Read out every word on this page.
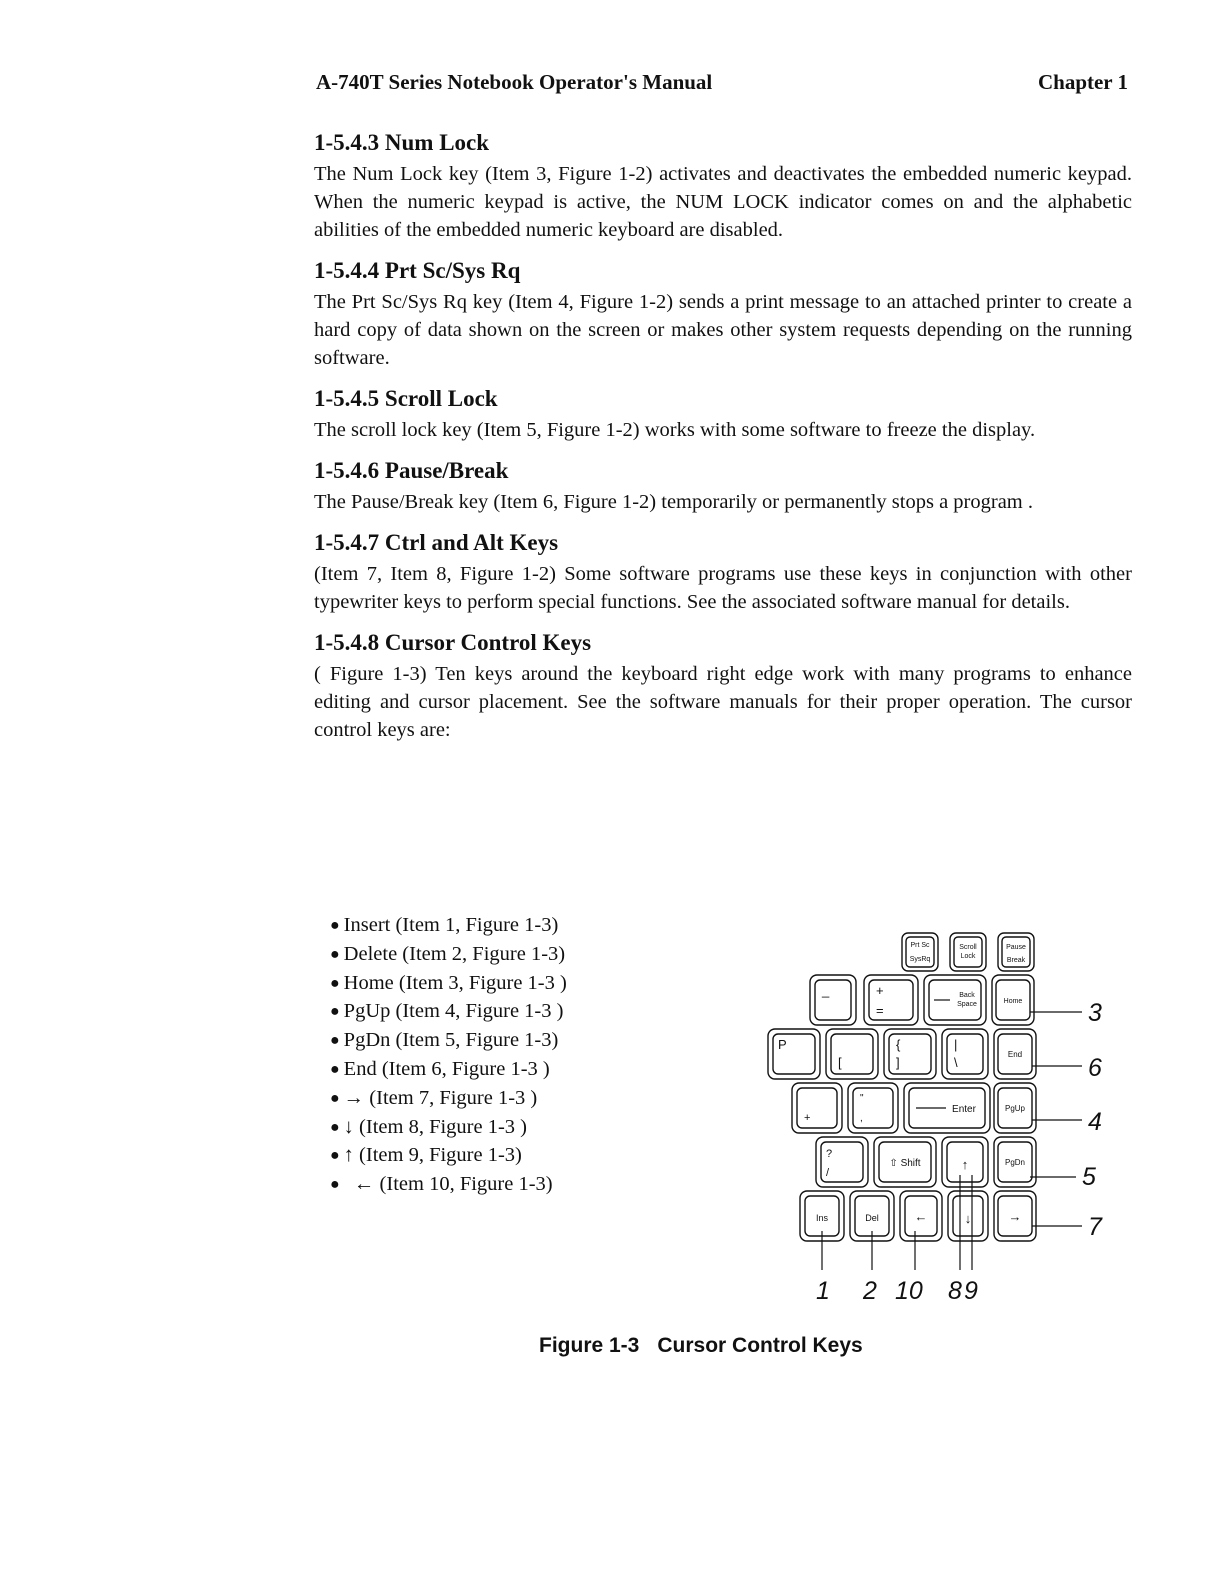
A-740T Series Notebook Operator's Manual	Chapter 1
1-5.4.3 Num Lock

The Num Lock key (Item 3, Figure 1-2) activates and deactivates the embedded numeric keypad. When the numeric keypad is active, the NUM LOCK indicator comes on and the alphabetic abilities of the embedded numeric keyboard are disabled.

1-5.4.4 Prt Sc/Sys Rq

The Prt Sc/Sys Rq key (Item 4, Figure 1-2) sends a print message to an attached printer to create a hard copy of data shown on the screen or makes other system requests depending on the running software.

1-5.4.5 Scroll Lock

The scroll lock key (Item 5, Figure 1-2) works with some software to freeze the display.

1-5.4.6 Pause/Break

The Pause/Break key (Item 6, Figure 1-2) temporarily or permanently stops a program .

1-5.4.7 Ctrl and Alt Keys

(Item 7, Item 8, Figure 1-2) Some software programs use these keys in conjunction with other typewriter keys to perform special functions. See the associated software manual for details.

1-5.4.8 Cursor Control Keys

( Figure 1-3) Ten keys around the keyboard right edge work with many programs to enhance editing and cursor placement. See the software manuals for their proper operation. The cursor control keys are:

● Insert (Item 1, Figure 1-3)
● Delete (Item 2, Figure 1-3)
● Home (Item 3, Figure 1-3 )
● PgUp (Item 4, Figure 1-3 )
● PgDn (Item 5, Figure 1-3)
● End (Item 6, Figure 1-3 )
● → (Item 7, Figure 1-3 )
● ↓ (Item 8, Figure 1-3 )
● ↑ (Item 9, Figure 1-3)
●  ← (Item 10, Figure 1-3)
Prt Sc
SysRq
Scroll
Lock
Pause
Break
_	+
=
Back
Space	Home
P
[
{
]
|
\
End
+
"
,
Enter	PgUp
?
/
⇧ Shift	↑	PgDn
Ins	Del	←	↓	→
3
6
4
5
7
1 2 10 8 9
Figure 1-3 Cursor Control Keys
